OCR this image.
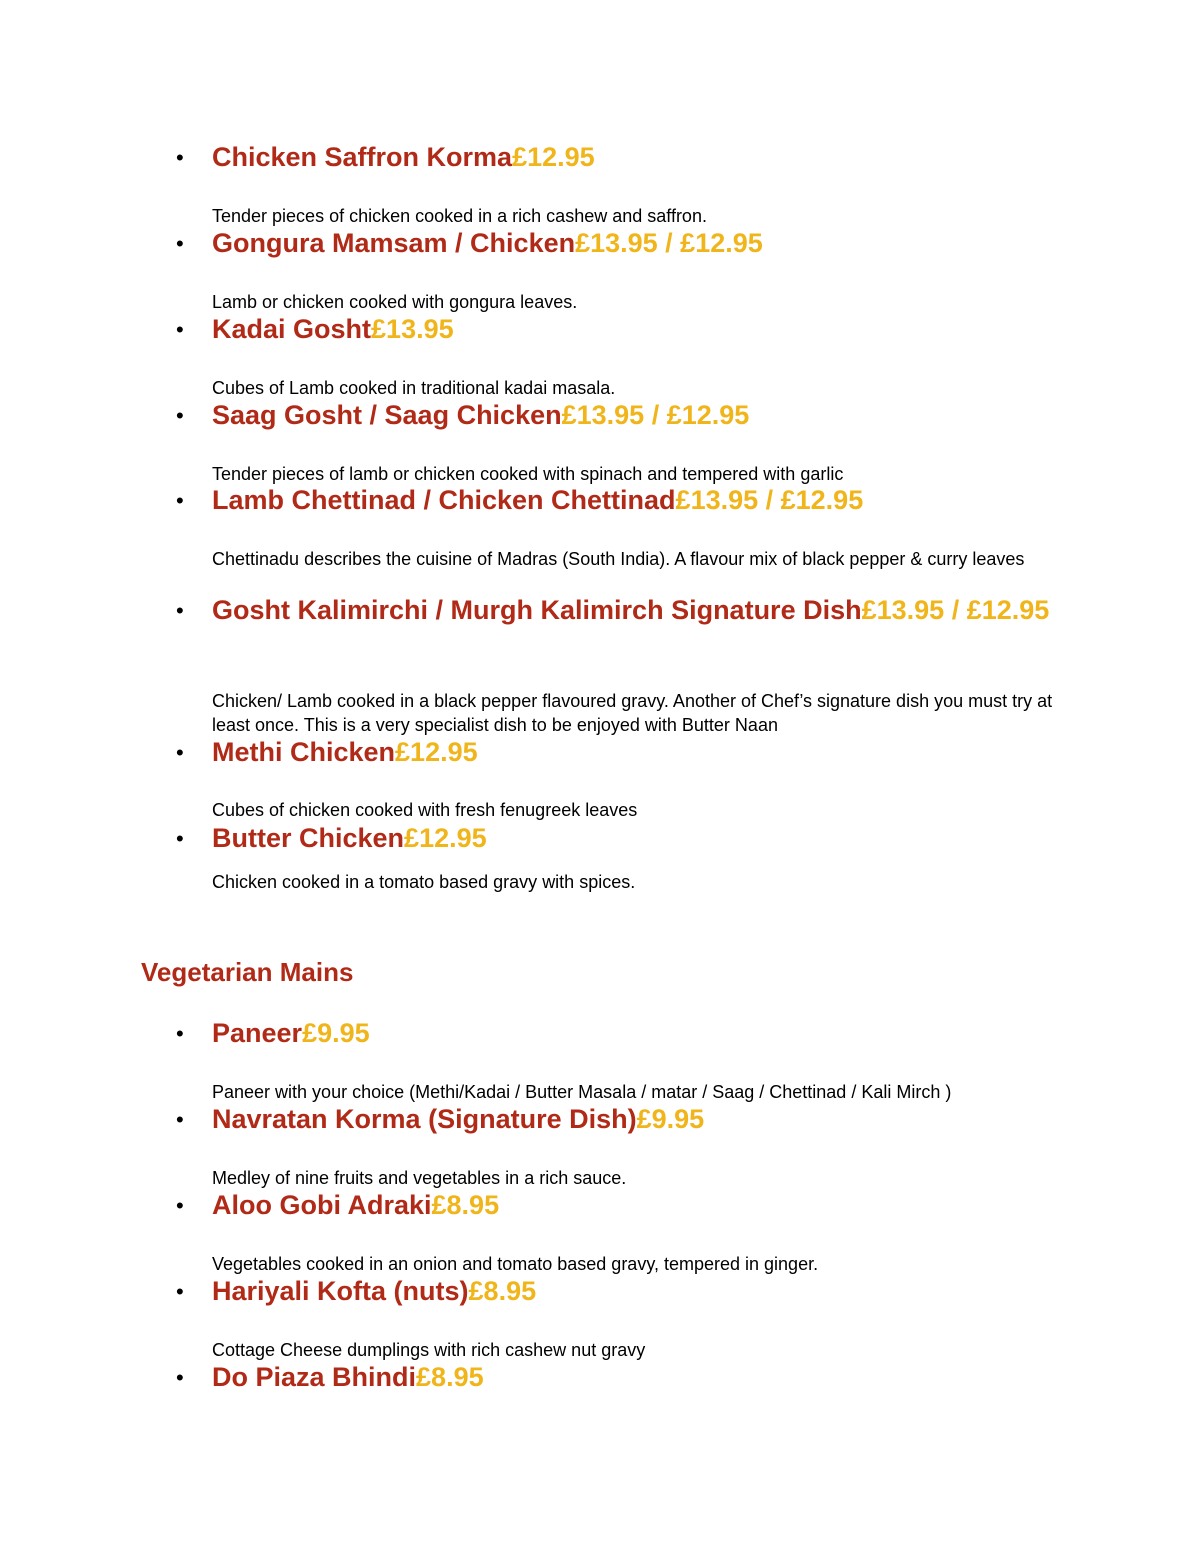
• Chicken Saffron Korma£12.95
Tender pieces of chicken cooked in a rich cashew and saffron.
• Gongura Mamsam / Chicken£13.95 / £12.95
Lamb or chicken cooked with gongura leaves.
• Kadai Gosht£13.95
Cubes of Lamb cooked in traditional kadai masala.
• Saag Gosht / Saag Chicken£13.95 / £12.95
Tender pieces of lamb or chicken cooked with spinach and tempered with garlic
• Lamb Chettinad / Chicken Chettinad£13.95 / £12.95
Chettinadu describes the cuisine of Madras (South India). A flavour mix of black pepper & curry leaves
• Gosht Kalimirchi / Murgh Kalimirch Signature Dish£13.95 / £12.95
Chicken/ Lamb cooked in a black pepper flavoured gravy. Another of Chef’s signature dish you must try at least once. This is a very specialist dish to be enjoyed with Butter Naan
• Methi Chicken£12.95
Cubes of chicken cooked with fresh fenugreek leaves
• Butter Chicken£12.95
Chicken cooked in a tomato based gravy with spices.
Vegetarian Mains
• Paneer£9.95
Paneer with your choice (Methi/Kadai / Butter Masala / matar / Saag / Chettinad / Kali Mirch )
• Navratan Korma (Signature Dish)£9.95
Medley of nine fruits and vegetables in a rich sauce.
• Aloo Gobi Adraki£8.95
Vegetables cooked in an onion and tomato based gravy, tempered in ginger.
• Hariyali Kofta (nuts)£8.95
Cottage Cheese dumplings with rich cashew nut gravy
• Do Piaza Bhindi£8.95
